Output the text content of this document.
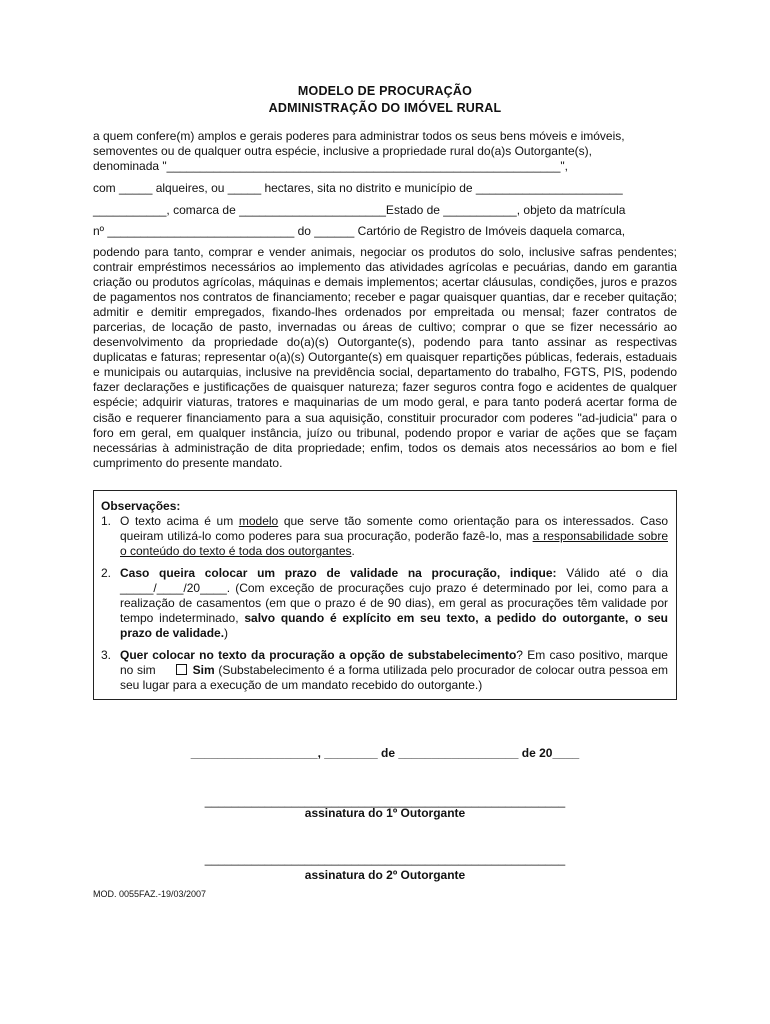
MODELO DE PROCURAÇÃO
ADMINISTRAÇÃO DO IMÓVEL RURAL
a quem confere(m) amplos e gerais poderes para administrar todos os seus bens móveis e imóveis,
semoventes ou de qualquer outra espécie, inclusive a propriedade rural do(a)s Outorgante(s),
denominada "___________________________________________________________",
com _____ alqueires, ou _____ hectares, sita no distrito e município de ______________________
___________, comarca de ______________________Estado de ___________, objeto da matrícula
nº ____________________________ do ______ Cartório de Registro de Imóveis daquela comarca,
podendo para tanto, comprar e vender animais, negociar os produtos do solo, inclusive safras pendentes; contrair empréstimos necessários ao implemento das atividades agrícolas e pecuárias, dando em garantia criação ou produtos agrícolas, máquinas e demais implementos; acertar cláusulas, condições, juros e prazos de pagamentos nos contratos de financiamento; receber e pagar quaisquer quantias, dar e receber quitação; admitir e demitir empregados, fixando-lhes ordenados por empreitada ou mensal; fazer contratos de parcerias, de locação de pasto, invernadas ou áreas de cultivo; comprar o que se fizer necessário ao desenvolvimento da propriedade do(a)(s) Outorgante(s), podendo para tanto assinar as respectivas duplicatas e faturas; representar o(a)(s) Outorgante(s) em quaisquer repartições públicas, federais, estaduais e municipais ou autarquias, inclusive na previdência social, departamento do trabalho, FGTS, PIS, podendo fazer declarações e justificações de quaisquer natureza; fazer seguros contra fogo e acidentes de qualquer espécie; adquirir viaturas, tratores e maquinarias de um modo geral, e para tanto poderá acertar forma de cisão e requerer financiamento para a sua aquisição, constituir procurador com poderes "ad-judicia" para o foro em geral, em qualquer instância, juízo ou tribunal, podendo propor e variar de ações que se façam necessárias à administração de dita propriedade; enfim, todos os demais atos necessários ao bom e fiel cumprimento do presente mandato.
Observações:
1. O texto acima é um modelo que serve tão somente como orientação para os interessados. Caso queiram utilizá-lo como poderes para sua procuração, poderão fazê-lo, mas a responsabilidade sobre o conteúdo do texto é toda dos outorgantes.
2. Caso queira colocar um prazo de validade na procuração, indique: Válido até o dia _____/____/20____. (Com exceção de procurações cujo prazo é determinado por lei, como para a realização de casamentos (em que o prazo é de 90 dias), em geral as procurações têm validade por tempo indeterminado, salvo quando é explícito em seu texto, a pedido do outorgante, o seu prazo de validade.)
3. Quer colocar no texto da procuração a opção de substabelecimento? Em caso positivo, marque no sim	Sim (Substabelecimento é a forma utilizada pelo procurador de colocar outra pessoa em seu lugar para a execução de um mandato recebido do outorgante.)
___________________, ________ de __________________ de 20____
______________________________________________________
assinatura do 1º Outorgante
______________________________________________________
assinatura do 2º Outorgante
MOD. 0055FAZ.-19/03/2007
